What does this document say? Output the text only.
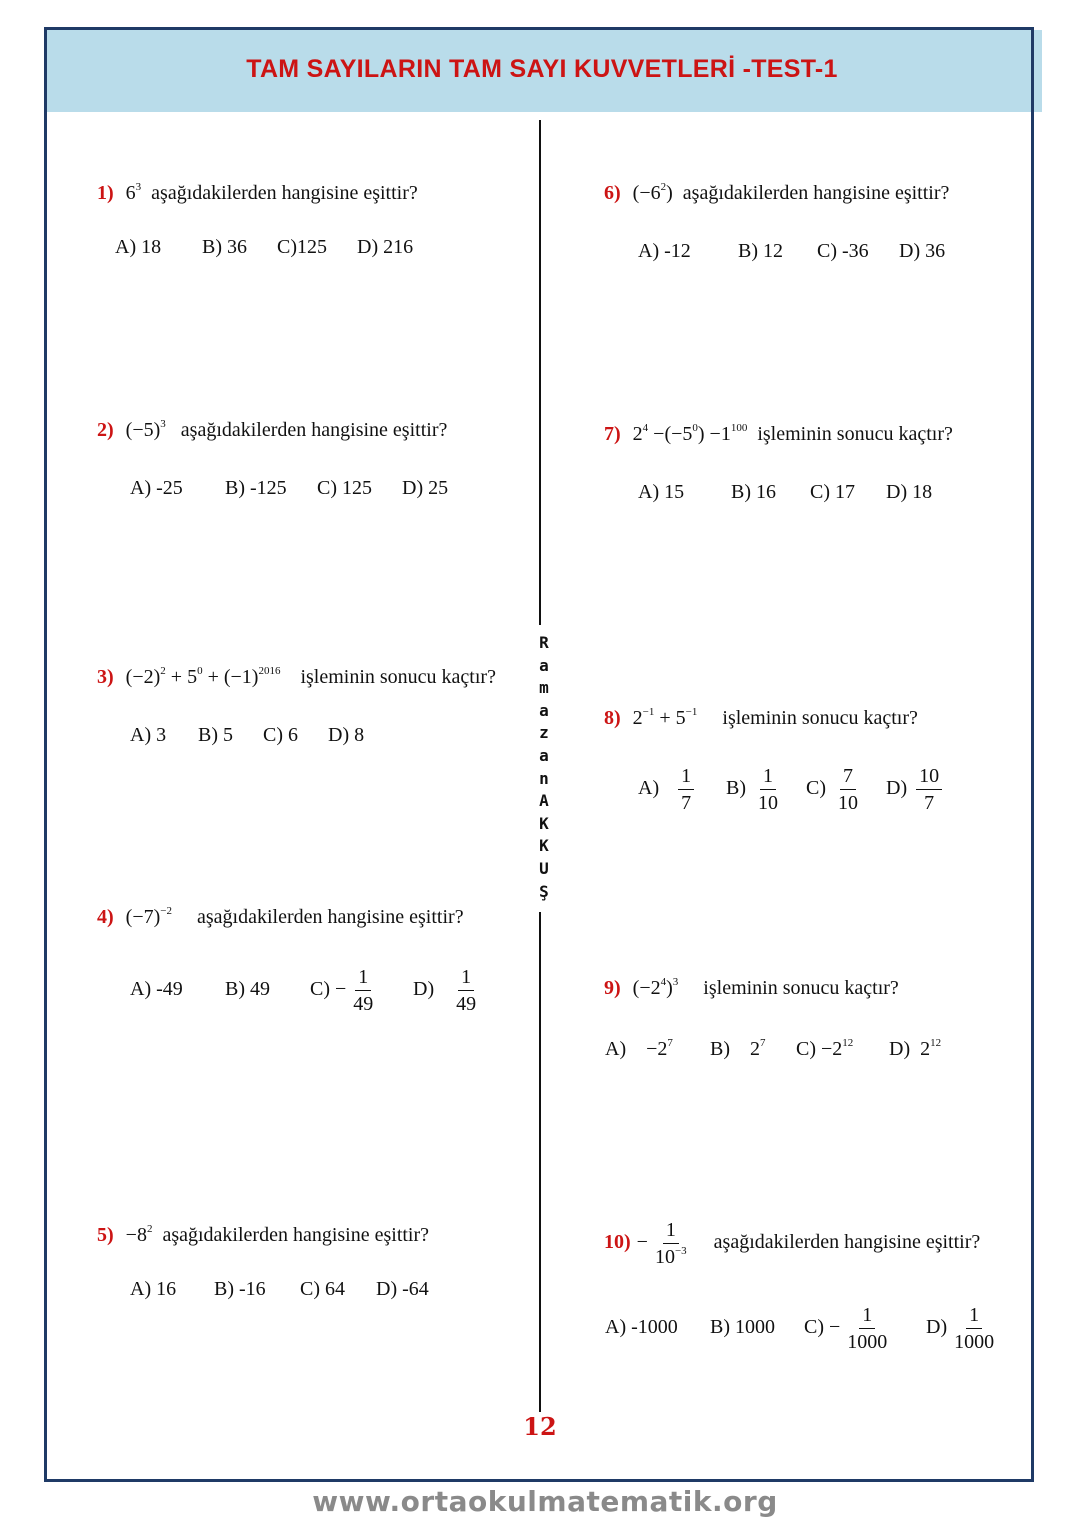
TAM SAYILARIN TAM SAYI KUVVETLERİ -TEST-1
R
a
m
a
z
a
n
A
K
K
U
Ş
1) $6^3$ aşağıdakilerden hangisine eşittir?
A) 18 B) 36 C)125 D) 216
2) $(-5)^3$ aşağıdakilerden hangisine eşittir?
A) -25 B) -125 C) 125 D) 25
3) $(-2)^2 + 5^0 + (-1)^{2016}$ işleminin sonucu kaçtır?
A) 3 B) 5 C) 6 D) 8
4) $(-7)^{-2}$ aşağıdakilerden hangisine eşittir?
A) -49 B) 49 $C) - \frac{1}{49} D) \frac{1}{49}$
$5) -8^2$ aşağıdakilerden hangisine eşittir?
A) 16 B) -16 C) 64 D) -64
6) $(-6^2)$ aşağıdakilerden hangisine eşittir?
A) -12 B) 12 C) -36 D) 36
7) $2^4 -(-5^0) -1^{100}$ işleminin sonucu kaçtır?
A) 15 B) 16 C) 17 D) 18
8) $2^{-1} + 5^{-1}$ işleminin sonucu kaçtır?
$A) \frac{1}{7} B) \frac{1}{10} C) \frac{7}{10} D) \frac{10}{7}$
9) $(-2^4)^3$ işleminin sonucu kaçtır?
$A) -2^7$ B) $2^7$ $C) -2^{12}$ D) $2^{12}$
$10) - \frac{1}{10^{-3}}$ aşağıdakilerden hangisine eşittir?
A) -1000 B) 1000 $C) - \frac{1}{1000} D) \frac{1}{1000}$
12
www.ortaokulmatematik.org
